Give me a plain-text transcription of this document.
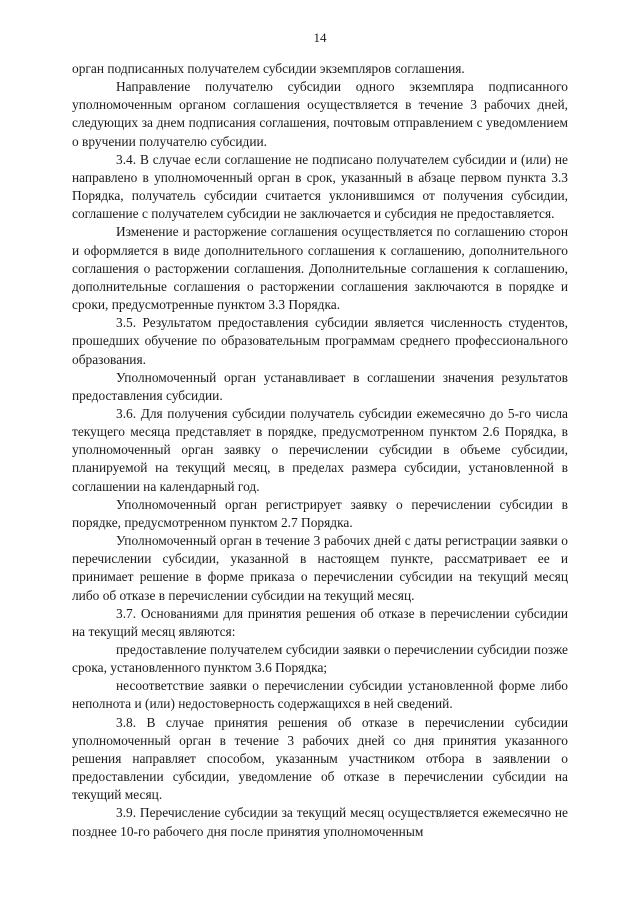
14

орган подписанных получателем субсидии экземпляров соглашения.

Направление получателю субсидии одного экземпляра подписанного уполномоченным органом соглашения осуществляется в течение 3 рабочих дней, следующих за днем подписания соглашения, почтовым отправлением с уведомлением о вручении получателю субсидии.

3.4. В случае если соглашение не подписано получателем субсидии и (или) не направлено в уполномоченный орган в срок, указанный в абзаце первом пункта 3.3 Порядка, получатель субсидии считается уклонившимся от получения субсидии, соглашение с получателем субсидии не заключается и субсидия не предоставляется.

Изменение и расторжение соглашения осуществляется по соглашению сторон и оформляется в виде дополнительного соглашения к соглашению, дополнительного соглашения о расторжении соглашения. Дополнительные соглашения к соглашению, дополнительные соглашения о расторжении соглашения заключаются в порядке и сроки, предусмотренные пунктом 3.3 Порядка.

3.5. Результатом предоставления субсидии является численность студентов, прошедших обучение по образовательным программам среднего профессионального образования.

Уполномоченный орган устанавливает в соглашении значения результатов предоставления субсидии.

3.6. Для получения субсидии получатель субсидии ежемесячно до 5-го числа текущего месяца представляет в порядке, предусмотренном пунктом 2.6 Порядка, в уполномоченный орган заявку о перечислении субсидии в объеме субсидии, планируемой на текущий месяц, в пределах размера субсидии, установленной в соглашении на календарный год.

Уполномоченный орган регистрирует заявку о перечислении субсидии в порядке, предусмотренном пунктом 2.7 Порядка.

Уполномоченный орган в течение 3 рабочих дней с даты регистрации заявки о перечислении субсидии, указанной в настоящем пункте, рассматривает ее и принимает решение в форме приказа о перечислении субсидии на текущий месяц либо об отказе в перечислении субсидии на текущий месяц.

3.7. Основаниями для принятия решения об отказе в перечислении субсидии на текущий месяц являются:

предоставление получателем субсидии заявки о перечислении субсидии позже срока, установленного пунктом 3.6 Порядка;

несоответствие заявки о перечислении субсидии установленной форме либо неполнота и (или) недостоверность содержащихся в ней сведений.

3.8. В случае принятия решения об отказе в перечислении субсидии уполномоченный орган в течение 3 рабочих дней со дня принятия указанного решения направляет способом, указанным участником отбора в заявлении о предоставлении субсидии, уведомление об отказе в перечислении субсидии на текущий месяц.

3.9. Перечисление субсидии за текущий месяц осуществляется ежемесячно не позднее 10-го рабочего дня после принятия уполномоченным
